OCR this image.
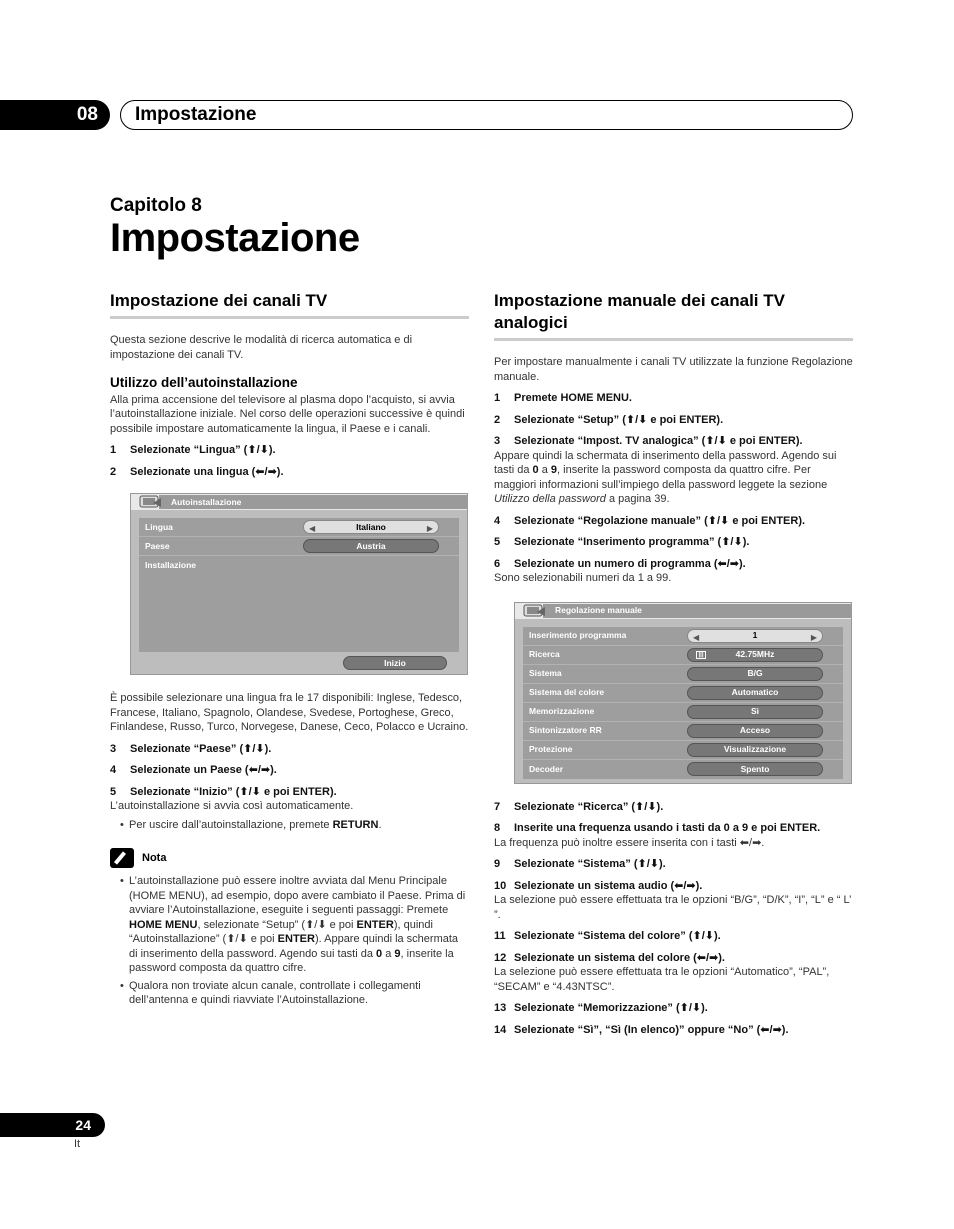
08	Impostazione
Capitolo 8
Impostazione
Impostazione dei canali TV

Questa sezione descrive le modalità di ricerca automatica e di impostazione dei canali TV.

Utilizzo dell’autoinstallazione

Alla prima accensione del televisore al plasma dopo l’acquisto, si avvia l’autoinstallazione iniziale. Nel corso delle operazioni successive è quindi possibile impostare automaticamente la lingua, il Paese e i canali.

1	Selezionate “Lingua” (⬆/⬇).
2	Selezionate una lingua (⬅/➡).
Autoinstallazione
Lingua	◀	Italiano	▶
Paese	Austria
Installazione
Inizio

È possibile selezionare una lingua fra le 17 disponibili: Inglese, Tedesco, Francese, Italiano, Spagnolo, Olandese, Svedese, Portoghese, Greco, Finlandese, Russo, Turco, Norvegese, Danese, Ceco, Polacco e Ucraino.

3	Selezionate “Paese” (⬆/⬇).
4	Selezionate un Paese (⬅/➡).
5	Selezionate “Inizio” (⬆/⬇ e poi ENTER).

L’autoinstallazione si avvia così automaticamente.

• Per uscire dall’autoinstallazione, premete RETURN.
Nota
• L’autoinstallazione può essere inoltre avviata dal Menu Principale (HOME MENU), ad esempio, dopo avere cambiato il Paese. Prima di avviare l’Autoinstallazione, eseguite i seguenti passaggi: Premete HOME MENU, selezionate “Setup” (⬆/⬇ e poi ENTER), quindi “Autoinstallazione” (⬆/⬇ e poi ENTER). Appare quindi la schermata di inserimento della password. Agendo sui tasti da 0 a 9, inserite la password composta da quattro cifre.
• Qualora non troviate alcun canale, controllate i collegamenti dell’antenna e quindi riavviate l’Autoinstallazione.
Impostazione manuale dei canali TV analogici

Per impostare manualmente i canali TV utilizzate la funzione Regolazione manuale.

1	Premete HOME MENU.
2	Selezionate “Setup” (⬆/⬇ e poi ENTER).
3	Selezionate “Impost. TV analogica” (⬆/⬇ e poi ENTER).

Appare quindi la schermata di inserimento della password. Agendo sui tasti da 0 a 9, inserite la password composta da quattro cifre. Per maggiori informazioni sull’impiego della password leggete la sezione Utilizzo della password a pagina 39.

4	Selezionate “Regolazione manuale” (⬆/⬇ e poi ENTER).
5	Selezionate “Inserimento programma” (⬆/⬇).
6	Selezionate un numero di programma (⬅/➡).

Sono selezionabili numeri da 1 a 99.

Regolazione manuale
Inserimento programma	◀	1	▶
Ricerca	|||	42.75MHz
Sistema	B/G
Sistema del colore	Automatico
Memorizzazione	Sì
Sintonizzatore RR	Acceso
Protezione	Visualizzazione
Decoder	Spento
7	Selezionate “Ricerca” (⬆/⬇).
8	Inserite una frequenza usando i tasti da 0 a 9 e poi ENTER.

La frequenza può inoltre essere inserita con i tasti ⬅/➡.

9	Selezionate “Sistema” (⬆/⬇).
10 Selezionate un sistema audio (⬅/➡).

La selezione può essere effettuata tra le opzioni “B/G”, “D/K”, “I”, “L” e “ L’ ”.

11 Selezionate “Sistema del colore” (⬆/⬇).
12 Selezionate un sistema del colore (⬅/➡).

La selezione può essere effettuata tra le opzioni “Automatico”, “PAL”, “SECAM” e “4.43NTSC”.

13 Selezionate “Memorizzazione” (⬆/⬇).
14 Selezionate “Sì”, “Sì (In elenco)” oppure “No” (⬅/➡).
24
It
